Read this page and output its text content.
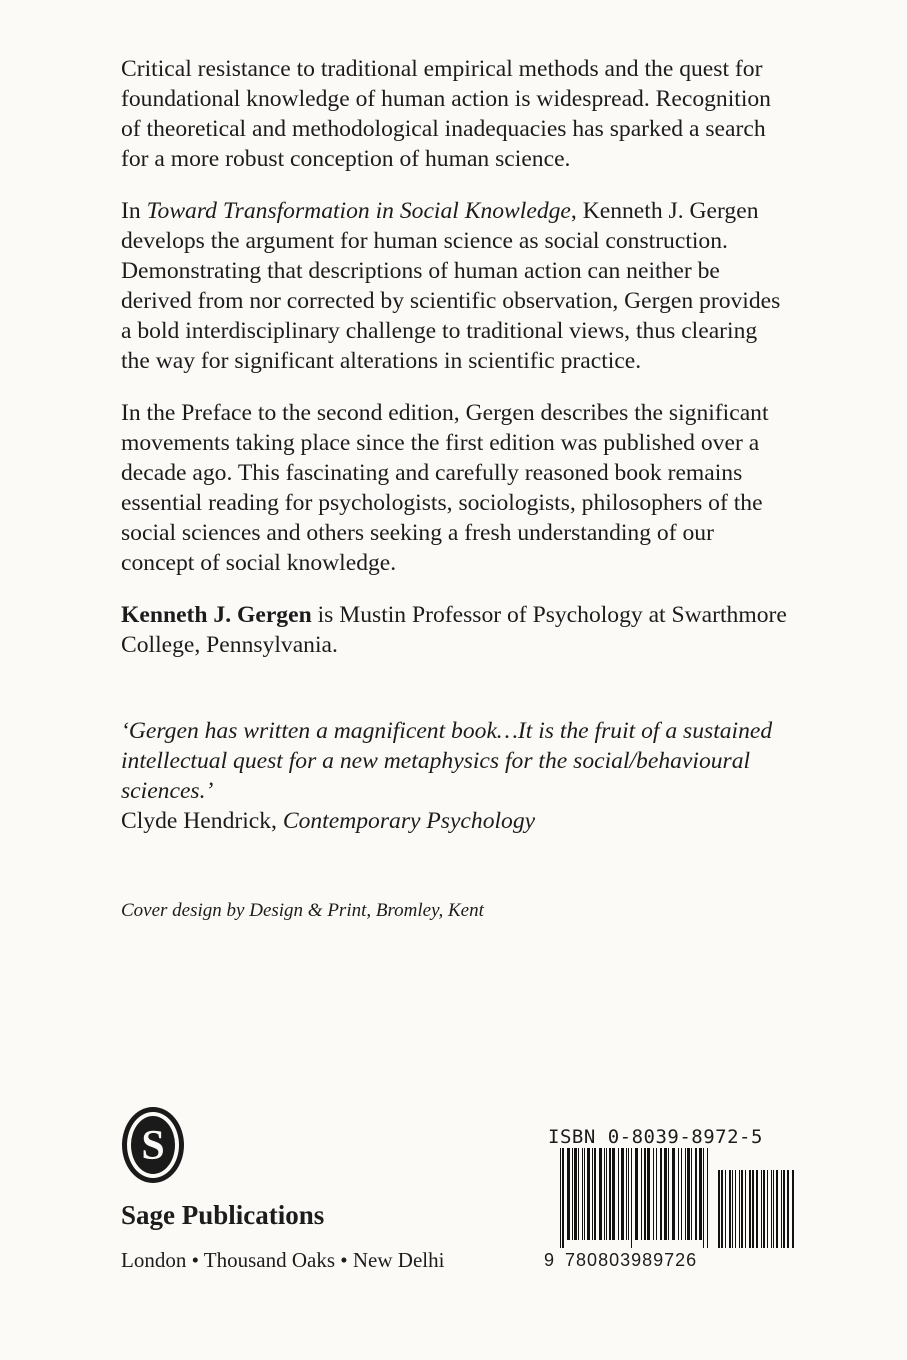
Critical resistance to traditional empirical methods and the quest for foundational knowledge of human action is widespread. Recognition of theoretical and methodological inadequacies has sparked a search for a more robust conception of human science.

In Toward Transformation in Social Knowledge, Kenneth J. Gergen develops the argument for human science as social construction. Demonstrating that descriptions of human action can neither be derived from nor corrected by scientific observation, Gergen provides a bold interdisciplinary challenge to traditional views, thus clearing the way for significant alterations in scientific practice.

In the Preface to the second edition, Gergen describes the significant movements taking place since the first edition was published over a decade ago. This fascinating and carefully reasoned book remains essential reading for psychologists, sociologists, philosophers of the social sciences and others seeking a fresh understanding of our concept of social knowledge.

Kenneth J. Gergen is Mustin Professor of Psychology at Swarthmore College, Pennsylvania.

‘Gergen has written a magnificent book…It is the fruit of a sustained intellectual quest for a new metaphysics for the social/behavioural sciences.’
Clyde Hendrick, Contemporary Psychology
Cover design by Design & Print, Bromley, Kent
S
Sage Publications
London • Thousand Oaks • New Delhi
ISBN 0-8039-8972-5
9 780803989726
